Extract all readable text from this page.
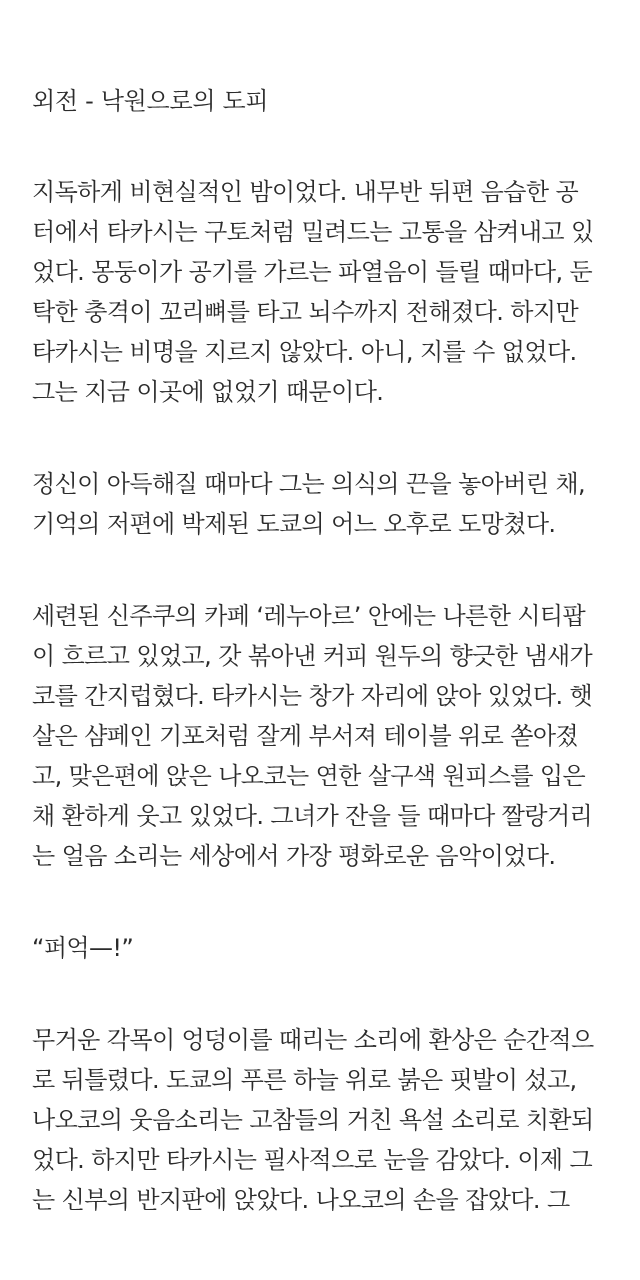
외전 - 낙원으로의 도피
지독하게 비현실적인 밤이었다. 내무반 뒤편 음습한 공
터에서 타카시는 구토처럼 밀려드는 고통을 삼켜내고 있
었다. 몽둥이가 공기를 가르는 파열음이 들릴 때마다, 둔
탁한 충격이 꼬리뼈를 타고 뇌수까지 전해졌다. 하지만
타카시는 비명을 지르지 않았다. 아니, 지를 수 없었다.
그는 지금 이곳에 없었기 때문이다.
정신이 아득해질 때마다 그는 의식의 끈을 놓아버린 채,
기억의 저편에 박제된 도쿄의 어느 오후로 도망쳤다.
세련된 신주쿠의 카페 ‘레누아르’ 안에는 나른한 시티팝
이 흐르고 있었고, 갓 볶아낸 커피 원두의 향긋한 냄새가
코를 간지럽혔다. 타카시는 창가 자리에 앉아 있었다. 햇
살은 샴페인 기포처럼 잘게 부서져 테이블 위로 쏟아졌
고, 맞은편에 앉은 나오코는 연한 살구색 원피스를 입은
채 환하게 웃고 있었다. 그녀가 잔을 들 때마다 짤랑거리
는 얼음 소리는 세상에서 가장 평화로운 음악이었다.
“퍼억—!”
무거운 각목이 엉덩이를 때리는 소리에 환상은 순간적으
로 뒤틀렸다. 도쿄의 푸른 하늘 위로 붉은 핏발이 섰고,
나오코의 웃음소리는 고참들의 거친 욕설 소리로 치환되
었다. 하지만 타카시는 필사적으로 눈을 감았다. 이제 그
는 신부의 반지판에 앉았다. 나오코의 손을 잡았다. 그
